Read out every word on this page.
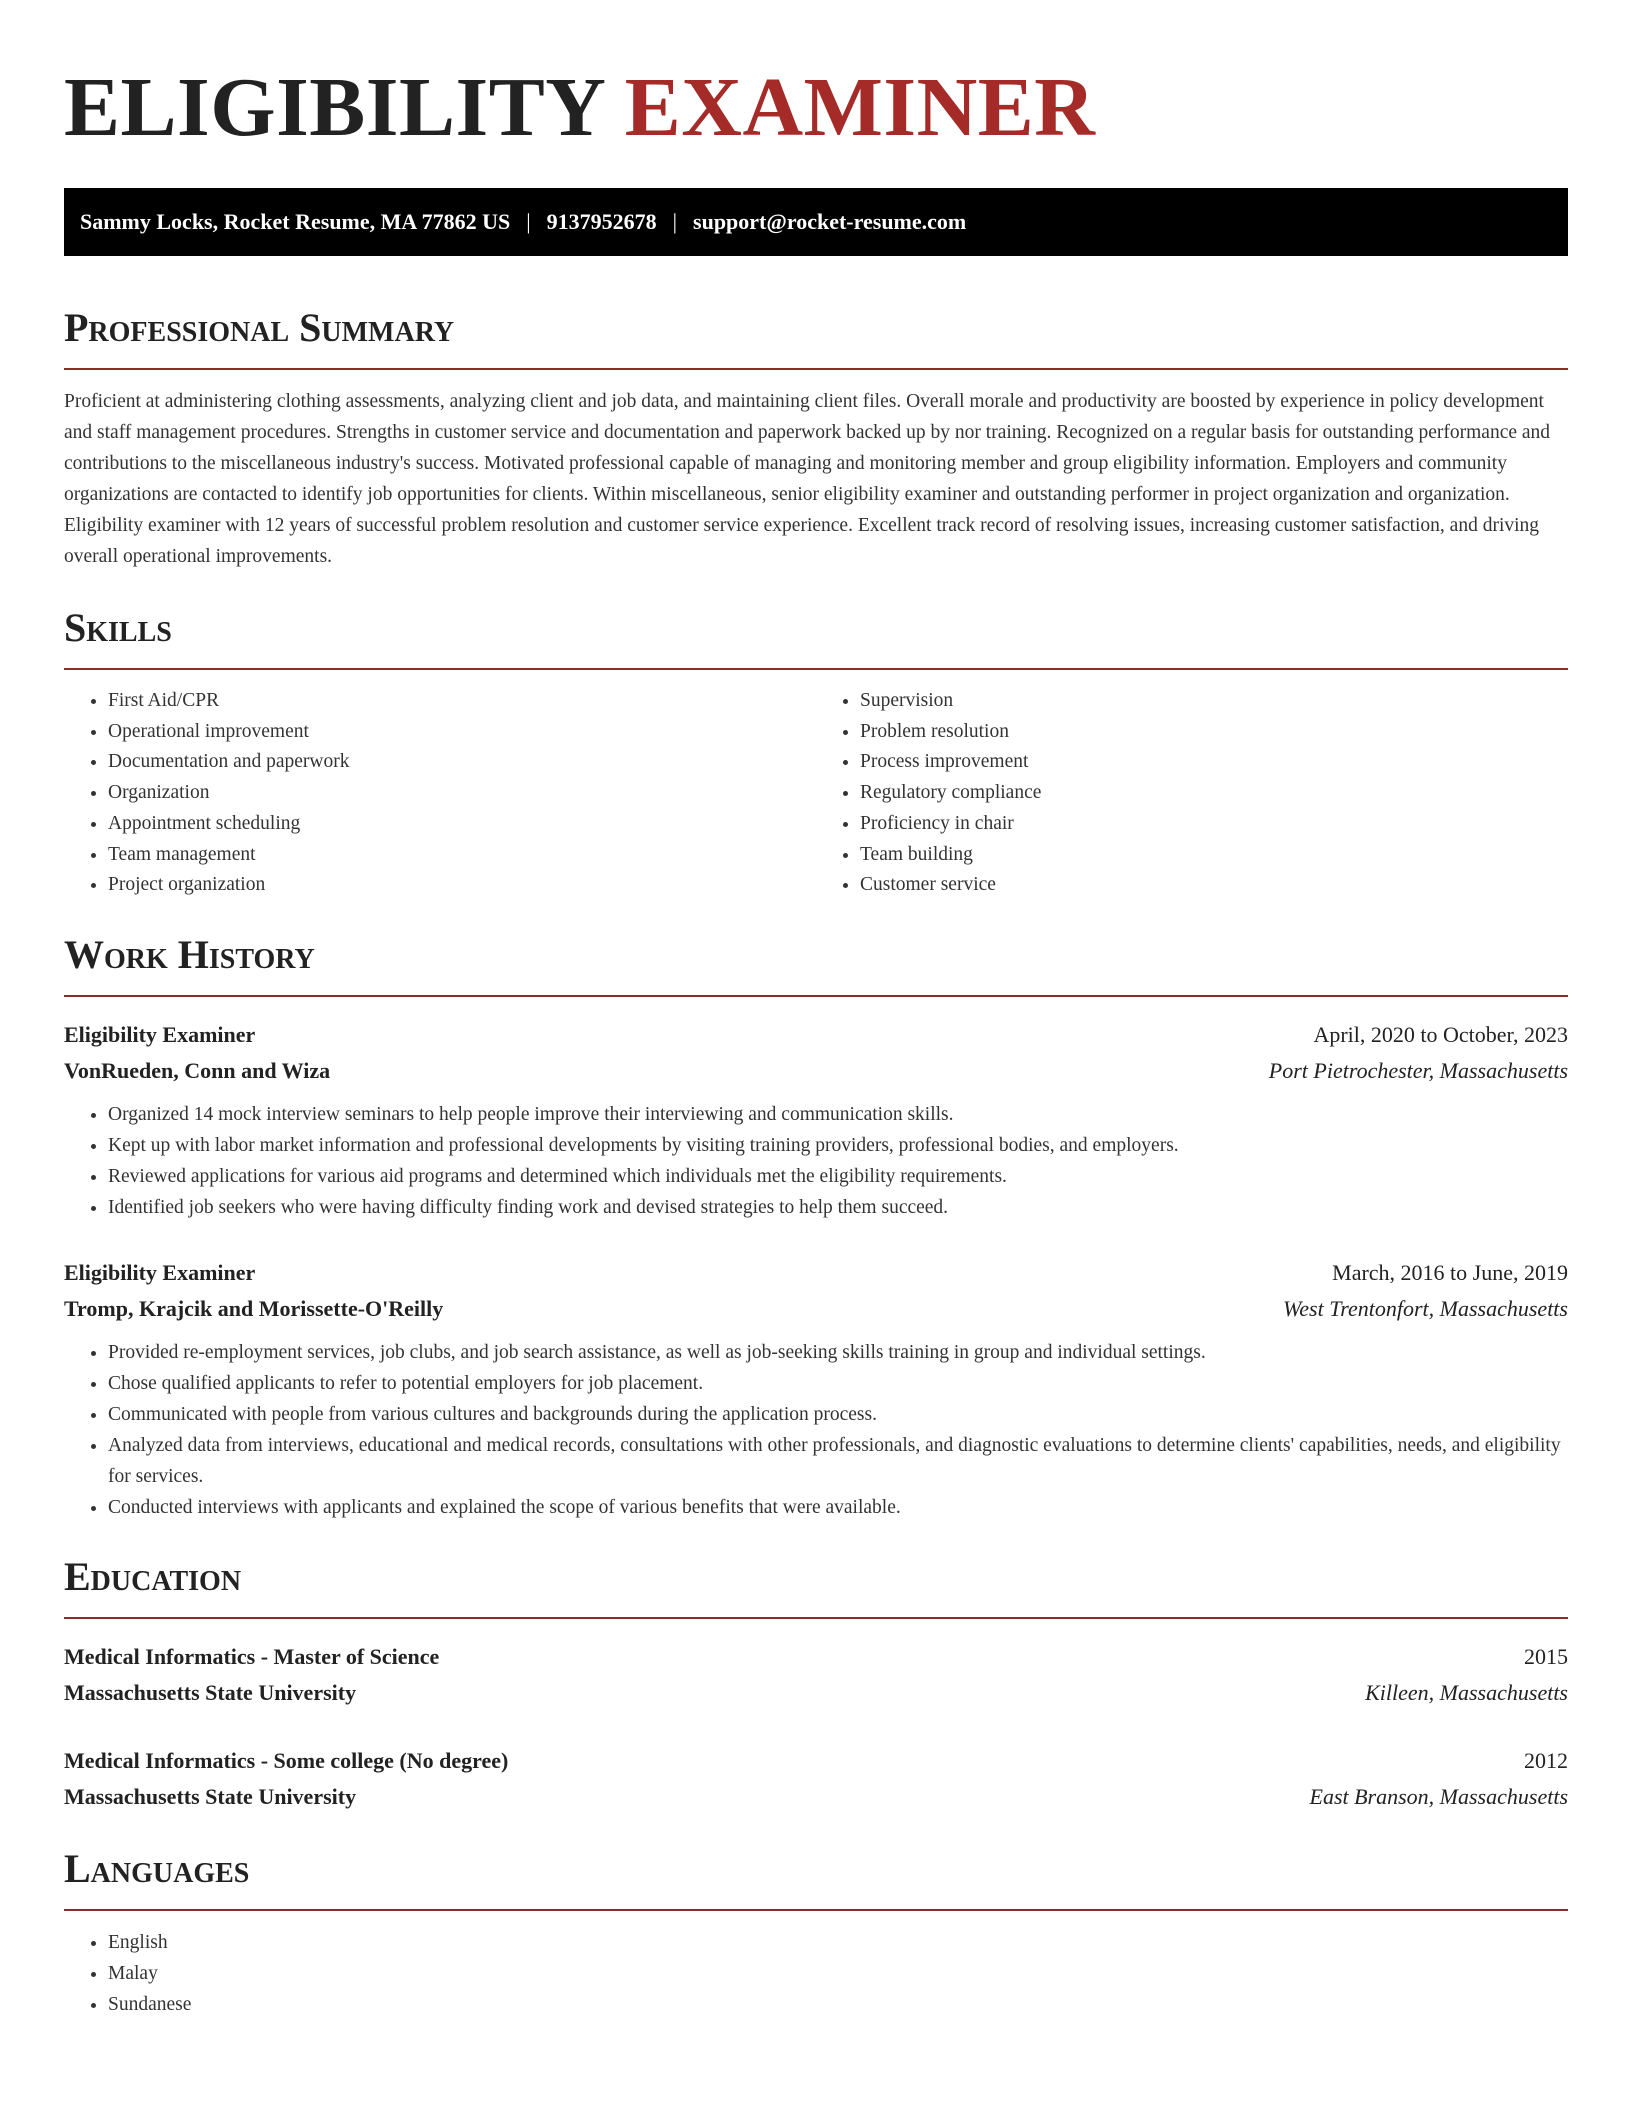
ELIGIBILITY EXAMINER
Sammy Locks, Rocket Resume, MA 77862 US | 9137952678 | support@rocket-resume.com
Professional Summary

Proficient at administering clothing assessments, analyzing client and job data, and maintaining client files. Overall morale and productivity are boosted by experience in policy development and staff management procedures. Strengths in customer service and documentation and paperwork backed up by nor training. Recognized on a regular basis for outstanding performance and contributions to the miscellaneous industry's success. Motivated professional capable of managing and monitoring member and group eligibility information. Employers and community organizations are contacted to identify job opportunities for clients. Within miscellaneous, senior eligibility examiner and outstanding performer in project organization and organization. Eligibility examiner with 12 years of successful problem resolution and customer service experience. Excellent track record of resolving issues, increasing customer satisfaction, and driving overall operational improvements.

Skills
• First Aid/CPR
• Operational improvement
• Documentation and paperwork
• Organization
• Appointment scheduling
• Team management
• Project organization
• Supervision
• Problem resolution
• Process improvement
• Regulatory compliance
• Proficiency in chair
• Team building
• Customer service
Work History
Eligibility Examiner	April, 2020 to October, 2023
VonRueden, Conn and Wiza	Port Pietrochester, Massachusetts
• Organized 14 mock interview seminars to help people improve their interviewing and communication skills.
• Kept up with labor market information and professional developments by visiting training providers, professional bodies, and employers.
• Reviewed applications for various aid programs and determined which individuals met the eligibility requirements.
• Identified job seekers who were having difficulty finding work and devised strategies to help them succeed.
Eligibility Examiner	March, 2016 to June, 2019
Tromp, Krajcik and Morissette-O'Reilly	West Trentonfort, Massachusetts
• Provided re-employment services, job clubs, and job search assistance, as well as job-seeking skills training in group and individual settings.
• Chose qualified applicants to refer to potential employers for job placement.
• Communicated with people from various cultures and backgrounds during the application process.
• Analyzed data from interviews, educational and medical records, consultations with other professionals, and diagnostic evaluations to determine clients' capabilities, needs, and eligibility for services.
• Conducted interviews with applicants and explained the scope of various benefits that were available.
Education
Medical Informatics - Master of Science	2015
Massachusetts State University	Killeen, Massachusetts
Medical Informatics - Some college (No degree)	2012
Massachusetts State University	East Branson, Massachusetts
Languages
• English
• Malay
• Sundanese
